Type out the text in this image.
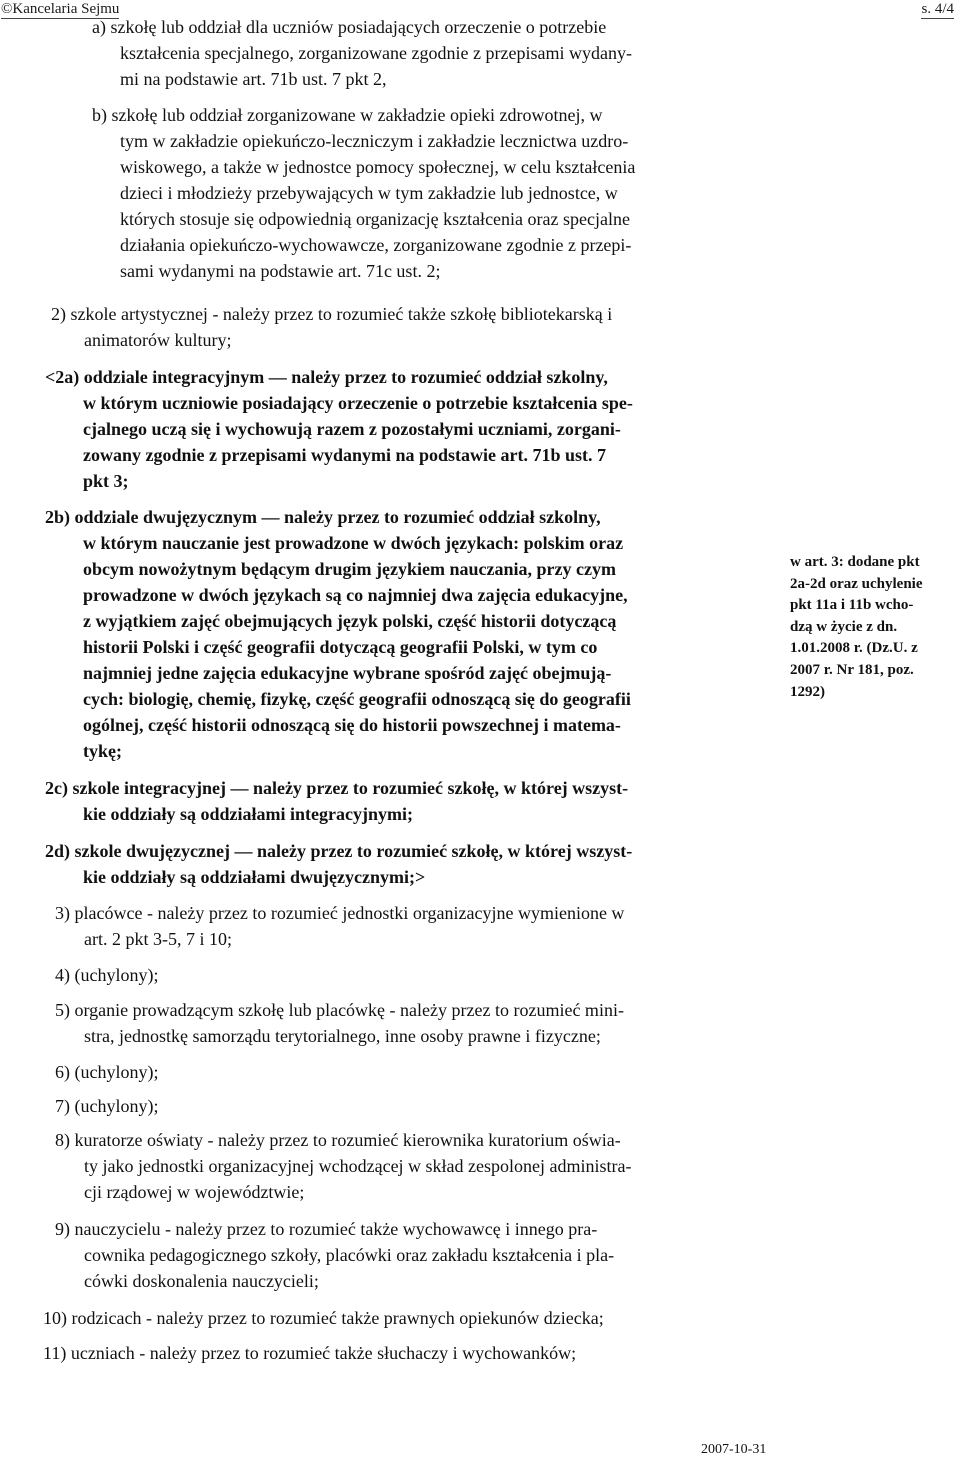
©Kancelaria Sejmu	s. 4/4
a) szkołę lub oddział dla uczniów posiadających orzeczenie o potrzebie
kształcenia specjalnego, zorganizowane zgodnie z przepisami wydany-
mi na podstawie art. 71b ust. 7 pkt 2,
b) szkołę lub oddział zorganizowane w zakładzie opieki zdrowotnej, w
tym w zakładzie opiekuńczo-leczniczym i zakładzie lecznictwa uzdro-
wiskowego, a także w jednostce pomocy społecznej, w celu kształcenia
dzieci i młodzieży przebywających w tym zakładzie lub jednostce, w
których stosuje się odpowiednią organizację kształcenia oraz specjalne
działania opiekuńczo-wychowawcze, zorganizowane zgodnie z przepi-
sami wydanymi na podstawie art. 71c ust. 2;
2) szkole artystycznej - należy przez to rozumieć także szkołę bibliotekarską i
animatorów kultury;
<2a) oddziale integracyjnym — należy przez to rozumieć oddział szkolny,
w którym uczniowie posiadający orzeczenie o potrzebie kształcenia spe-
cjalnego uczą się i wychowują razem z pozostałymi uczniami, zorgani-
zowany zgodnie z przepisami wydanymi na podstawie art. 71b ust. 7
pkt 3;
2b) oddziale dwujęzycznym — należy przez to rozumieć oddział szkolny,
w którym nauczanie jest prowadzone w dwóch językach: polskim oraz
obcym nowożytnym będącym drugim językiem nauczania, przy czym
prowadzone w dwóch językach są co najmniej dwa zajęcia edukacyjne,
z wyjątkiem zajęć obejmujących język polski, część historii dotyczącą
historii Polski i część geografii dotyczącą geografii Polski, w tym co
najmniej jedne zajęcia edukacyjne wybrane spośród zajęć obejmują-
cych: biologię, chemię, fizykę, część geografii odnoszącą się do geografii
ogólnej, część historii odnoszącą się do historii powszechnej i matema-
tykę;
2c) szkole integracyjnej — należy przez to rozumieć szkołę, w której wszyst-
kie oddziały są oddziałami integracyjnymi;
2d) szkole dwujęzycznej — należy przez to rozumieć szkołę, w której wszyst-
kie oddziały są oddziałami dwujęzycznymi;>
3) placówce - należy przez to rozumieć jednostki organizacyjne wymienione w
art. 2 pkt 3-5, 7 i 10;
4) (uchylony);
5) organie prowadzącym szkołę lub placówkę - należy przez to rozumieć mini-
stra, jednostkę samorządu terytorialnego, inne osoby prawne i fizyczne;
6) (uchylony);
7) (uchylony);
8) kuratorze oświaty - należy przez to rozumieć kierownika kuratorium oświa-
ty jako jednostki organizacyjnej wchodzącej w skład zespolonej administra-
cji rządowej w województwie;
9) nauczycielu - należy przez to rozumieć także wychowawcę i innego pra-
cownika pedagogicznego szkoły, placówki oraz zakładu kształcenia i pla-
cówki doskonalenia nauczycieli;
10) rodzicach - należy przez to rozumieć także prawnych opiekunów dziecka;
11) uczniach - należy przez to rozumieć także słuchaczy i wychowanków;
w art. 3: dodane pkt
2a-2d oraz uchylenie
pkt 11a i 11b wcho-
dzą w życie z dn.
1.01.2008 r. (Dz.U. z
2007 r. Nr 181, poz.
1292)
2007-10-31
